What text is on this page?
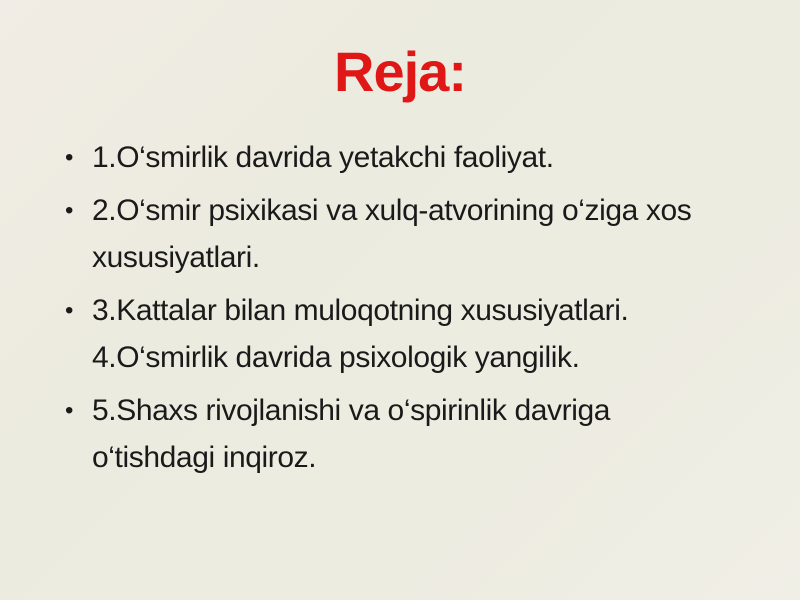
Reja:
• 1.O‘smirlik davrida yetakchi faoliyat.
• 2.O‘smir psixikasi va xulq-atvorining o‘ziga xos
xususiyatlari.
• 3.Kattalar bilan muloqotning xususiyatlari.
4.O‘smirlik davrida psixologik yangilik.
• 5.Shaxs rivojlanishi va o‘spirinlik davriga
o‘tishdagi inqiroz.
